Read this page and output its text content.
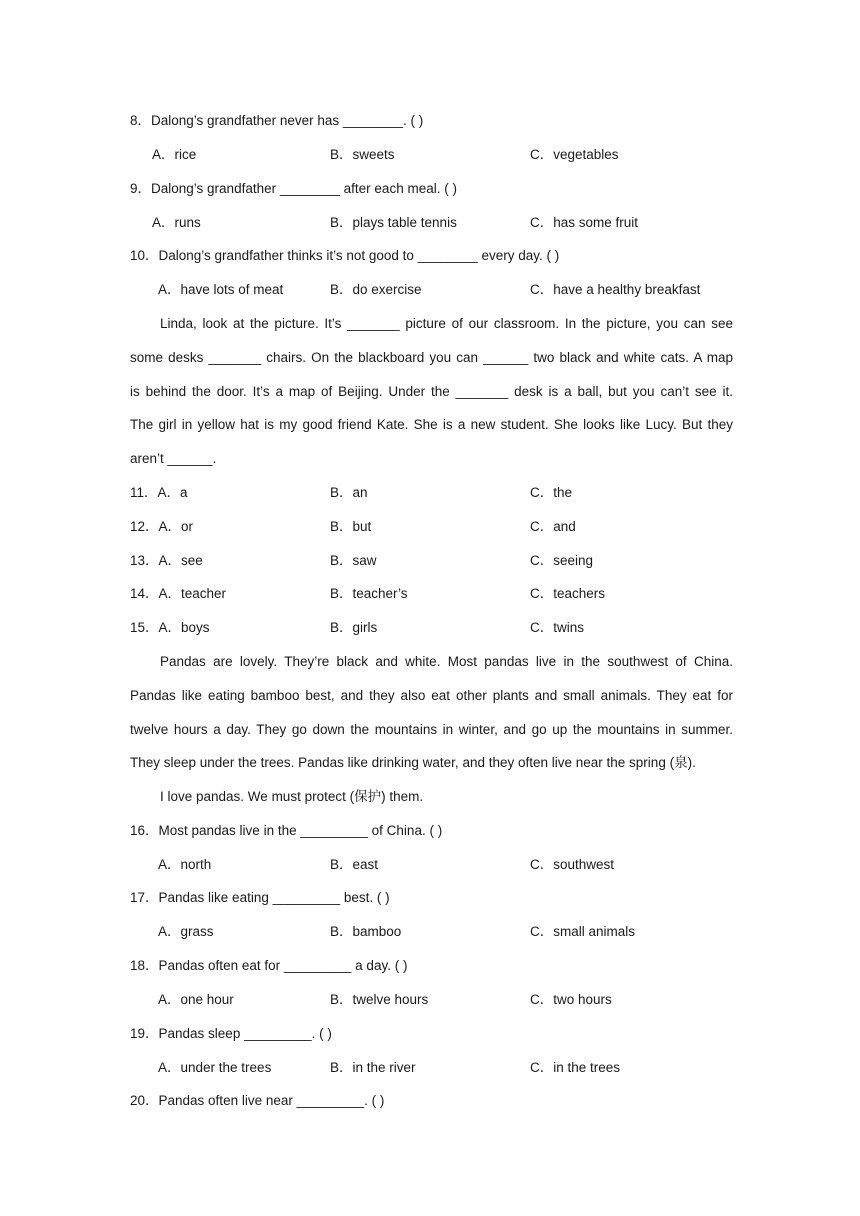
8．Dalong’s grandfather never has ________. ( )
A．rice	B．sweets	C．vegetables
9．Dalong’s grandfather ________ after each meal. ( )
A．runs	B．plays table tennis	C．has some fruit
10．Dalong’s grandfather thinks it’s not good to ________ every day. ( )
A．have lots of meat	B．do exercise	C．have a healthy breakfast
Linda, look at the picture. It’s _______ picture of our classroom. In the picture, you can see
some desks _______ chairs. On the blackboard you can ______ two black and white cats. A map
is behind the door. It’s a map of Beijing. Under the _______ desk is a ball, but you can’t see it.
The girl in yellow hat is my good friend Kate. She is a new student. She looks like Lucy. But they
aren’t ______.
11．A．a	B．an	C．the
12．A．or	B．but	C．and
13．A．see	B．saw	C．seeing
14．A．teacher	B．teacher’s	C．teachers
15．A．boys	B．girls	C．twins
Pandas are lovely. They’re black and white. Most pandas live in the southwest of China.
Pandas like eating bamboo best, and they also eat other plants and small animals. They eat for
twelve hours a day. They go down the mountains in winter, and go up the mountains in summer.
They sleep under the trees. Pandas like drinking water, and they often live near the spring (泉).
I love pandas. We must protect (保护) them.
16．Most pandas live in the _________ of China. ( )
A．north	B．east	C．southwest
17．Pandas like eating _________ best. ( )
A．grass	B．bamboo	C．small animals
18．Pandas often eat for _________ a day. ( )
A．one hour	B．twelve hours	C．two hours
19．Pandas sleep _________. ( )
A．under the trees	B．in the river	C．in the trees
20．Pandas often live near _________. ( )
